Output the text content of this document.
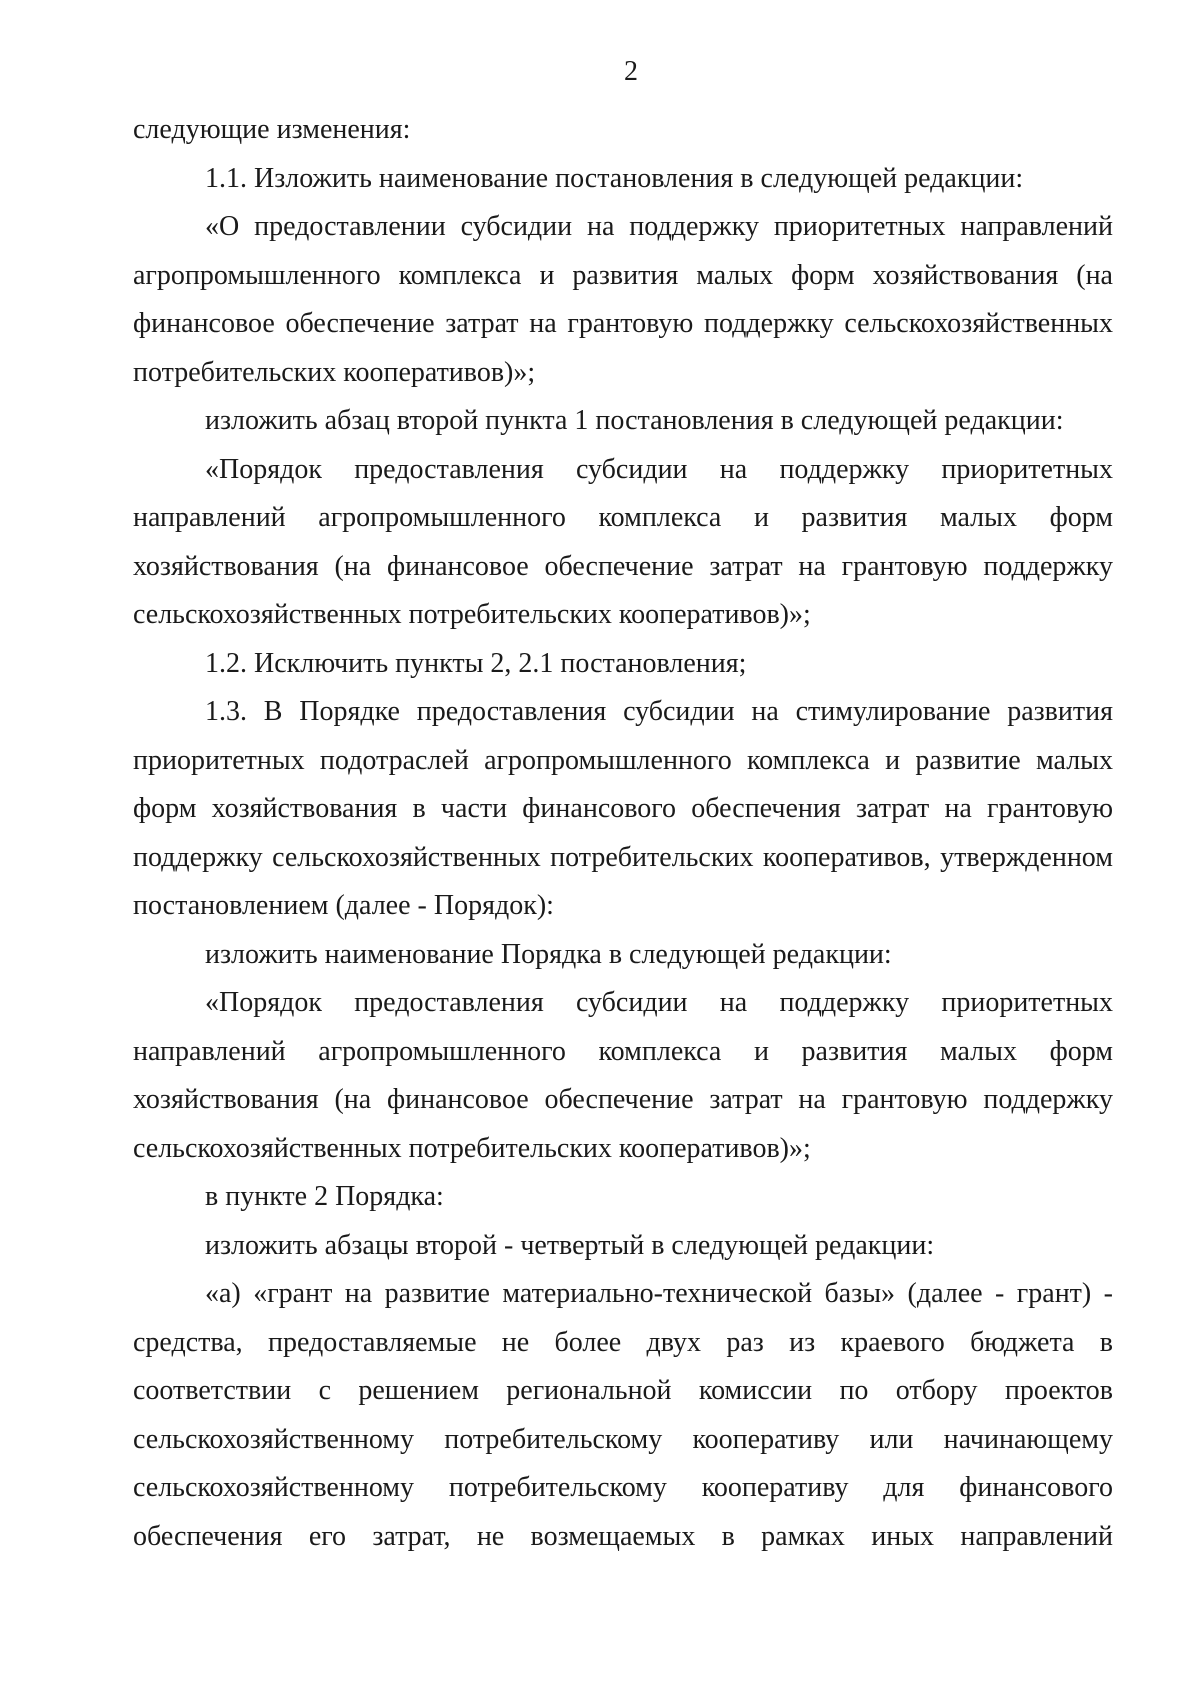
2

следующие изменения:

1.1. Изложить наименование постановления в следующей редакции:

«О предоставлении субсидии на поддержку приоритетных направлений агропромышленного комплекса и развития малых форм хозяйствования (на финансовое обеспечение затрат на грантовую поддержку сельскохозяйственных потребительских кооперативов)»;

изложить абзац второй пункта 1 постановления в следующей редакции:

«Порядок предоставления субсидии на поддержку приоритетных направлений агропромышленного комплекса и развития малых форм хозяйствования (на финансовое обеспечение затрат на грантовую поддержку сельскохозяйственных потребительских кооперативов)»;

1.2. Исключить пункты 2, 2.1 постановления;

1.3. В Порядке предоставления субсидии на стимулирование развития приоритетных подотраслей агропромышленного комплекса и развитие малых форм хозяйствования в части финансового обеспечения затрат на грантовую поддержку сельскохозяйственных потребительских кооперативов, утвержденном постановлением (далее - Порядок):

изложить наименование Порядка в следующей редакции:

«Порядок предоставления субсидии на поддержку приоритетных направлений агропромышленного комплекса и развития малых форм хозяйствования (на финансовое обеспечение затрат на грантовую поддержку сельскохозяйственных потребительских кооперативов)»;

в пункте 2 Порядка:

изложить абзацы второй - четвертый в следующей редакции:

«а) «грант на развитие материально-технической базы» (далее - грант) - средства, предоставляемые не более двух раз из краевого бюджета в соответствии с решением региональной комиссии по отбору проектов сельскохозяйственному потребительскому кооперативу или начинающему сельскохозяйственному потребительскому кооперативу для финансового обеспечения его затрат, не возмещаемых в рамках иных направлений
